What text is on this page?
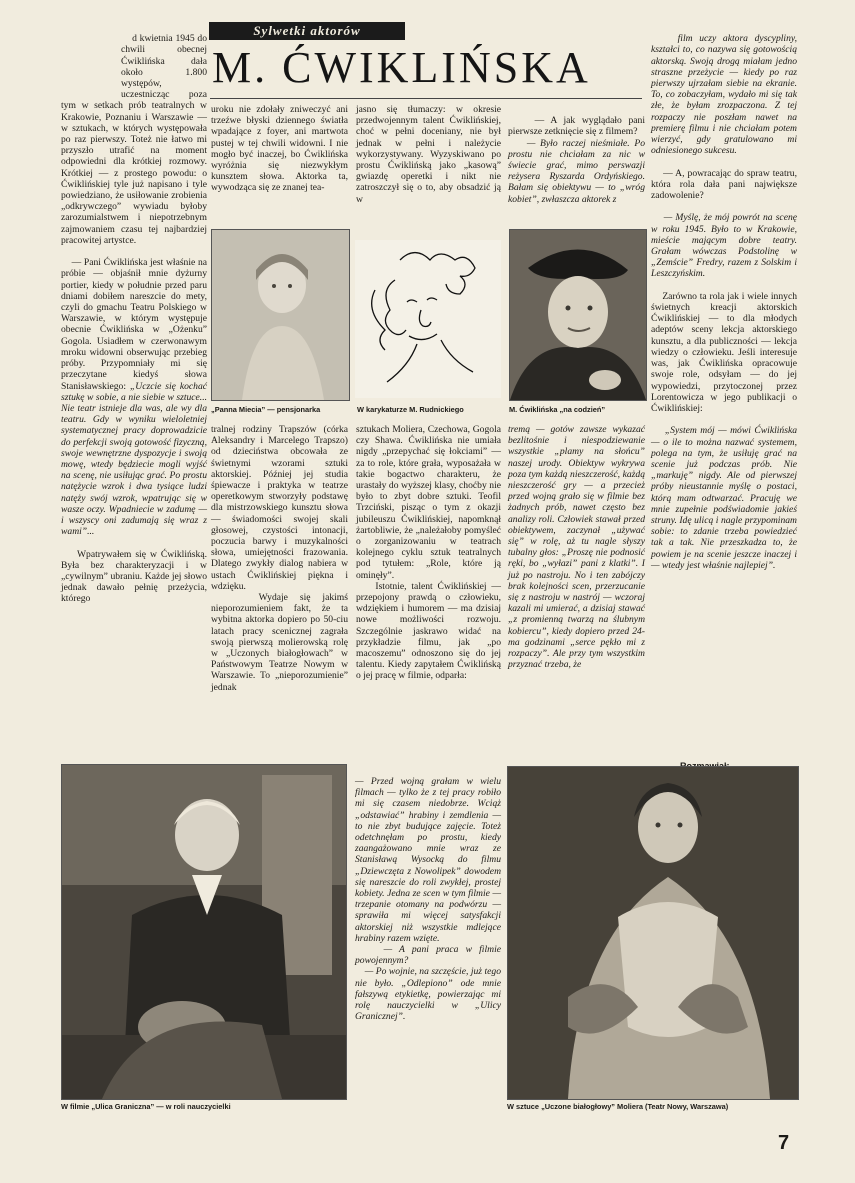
Sylwetki aktorów
M. ĆWIKLIŃSKA

d kwietnia 1945 do chwili obecnej Ćwiklińska dała około 1.800 występów, uczestnicząc poza tym w setkach prób teatralnych w Krakowie, Poznaniu i Warszawie — w sztukach, w których występowała po raz pierwszy. Toteż nie łatwo mi przyszło utrafić na moment odpowiedni dla krótkiej rozmowy. Krótkiej — z prostego powodu: o Ćwiklińskiej tyle już napisano i tyle powiedziano, że usiłowanie zrobienia „odkrywczego” wywiadu byłoby zarozumialstwem i niepotrzebnym zajmowaniem czasu tej najbardziej pracowitej artystce.

— Pani Ćwiklińska jest właśnie na próbie — objaśnił mnie dyżurny portier, kiedy w południe przed paru dniami dobiłem nareszcie do mety, czyli do gmachu Teatru Polskiego w Warszawie, w którym występuje obecnie Ćwiklińska w „Ożenku” Gogola. Usiadłem w czerwonawym mroku widowni obserwując przebieg próby. Przypomniały mi się przeczytane kiedyś słowa Stanisławskiego: „Uczcie się kochać sztukę w sobie, a nie siebie w sztuce... Nie teatr istnieje dla was, ale wy dla teatru. Gdy w wyniku wieloletniej systematycznej pracy doprowadzicie do perfekcji swoją gotowość fizyczną, swoje wewnętrzne dyspozycje i swoją mowę, wtedy będziecie mogli wyjść na scenę, nie usiłując grać. Po prostu natężycie wzrok i dwa tysiące ludzi natęży swój wzrok, wpatrując się w wasze oczy. Wpadniecie w zadumę — i wszyscy oni zadumają się wraz z wami”...

Wpatrywałem się w Ćwiklińską. Była bez charakteryzacji i w „cywilnym” ubraniu. Każde jej słowo jednak dawało pełnię przeżycia, którego

uroku nie zdołały zniweczyć ani trzeźwe błyski dziennego światła wpadające z foyer, ani martwota pustej w tej chwili widowni. I nie mogło być inaczej, bo Ćwiklińska wyróżnia się niezwykłym kunsztem słowa. Aktorka ta, wywodząca się ze znanej tea-
jasno się tłumaczy: w okresie przedwojennym talent Ćwiklińskiej, choć w pełni doceniany, nie był jednak w pełni i należycie wykorzystywany. Wyzyskiwano po prostu Ćwiklińską jako „kasową” gwiazdę operetki i nikt nie zatroszczył się o to, aby obsadzić ją w

— A jak wyglądało pani pierwsze zetknięcie się z filmem?
— Było raczej nieśmiałe. Po prostu nie chciałam za nic w świecie grać, mimo perswazji reżysera Ryszarda Ordyńskiego. Bałam się obiektywu — to „wróg kobiet”, zwłaszcza aktorek z

film uczy aktora dyscypliny, kształci to, co nazywa się gotowością aktorską. Swoją drogą miałam jedno straszne przeżycie — kiedy po raz pierwszy ujrzałam siebie na ekranie. To, co zobaczyłam, wydało mi się tak złe, że byłam zrozpaczona. Z tej rozpaczy nie poszłam nawet na premierę filmu i nie chciałam potem wierzyć, gdy gratulowano mi odniesionego sukcesu.

— A, powracając do spraw teatru, która rola dała pani największe zadowolenie?

— Myślę, że mój powrót na scenę w roku 1945. Było to w Krakowie, mieście mającym dobre teatry. Grałam wówczas Podstolinę w „Zemście” Fredry, razem z Solskim i Leszczyńskim.

Zarówno ta rola jak i wiele innych świetnych kreacji aktorskich Ćwiklińskiej — to dla młodych adeptów sceny lekcja aktorskiego kunsztu, a dla publiczności — lekcja wiedzy o człowieku. Jeśli interesuje was, jak Ćwiklińska opracowuje swoje role, odsyłam — do jej wypowiedzi, przytoczonej przez Lorentowicza w jego publikacji o Ćwiklińskiej:

„System mój — mówi Ćwiklińska — o ile to można nazwać systemem, polega na tym, że usiłuję grać na scenie już podczas prób. Nie „markuję” nigdy. Ale od pierwszej próby nieustannie myślę o postaci, którą mam odtwarzać. Pracuję we mnie zupełnie podświadomie jakieś struny. Idę ulicą i nagle przypominam sobie: to zdanie trzeba powiedzieć tak a tak. Nie przeszkadza to, że powiem je na scenie jeszcze inaczej i — wtedy jest właśnie najlepiej”.

„Panna Miecia” — pensjonarka	W karykaturze M. Rudnickiego	M. Ćwiklińska „na codzień”
tralnej rodziny Trapszów (córka Aleksandry i Marcelego Trapszo) od dzieciństwa obcowała ze świetnymi wzorami sztuki aktorskiej. Później jej studia śpiewacze i praktyka w teatrze operetkowym stworzyły podstawę dla mistrzowskiego kunsztu słowa — świadomości swojej skali głosowej, czystości intonacji, poczucia barwy i muzykalności słowa, umiejętności frazowania. Dlatego zwykły dialog nabiera w ustach Ćwiklińskiej piękna i wdzięku.
Wydaje się jakimś nieporozumieniem fakt, że ta wybitna aktorka dopiero po 50-ciu latach pracy scenicznej zagrała swoją pierwszą molierowską rolę w „Uczonych białogłowach” w Państwowym Teatrze Nowym w Warszawie. To „nieporozumienie” jednak
sztukach Moliera, Czechowa, Gogola czy Shawa. Ćwiklińska nie umiała nigdy „przepychać się łokciami” — za to role, które grała, wyposażała w takie bogactwo charakteru, że urastały do wyższej klasy, choćby nie było to zbyt dobre sztuki. Teofil Trzciński, pisząc o tym z okazji jubileuszu Ćwiklińskiej, napomknął żartobliwie, że „należałoby pomyśleć o zorganizowaniu w teatrach kolejnego cyklu sztuk teatralnych pod tytułem: „Role, które ją ominęły”.
Istotnie, talent Ćwiklińskiej — przepojony prawdą o człowieku, wdziękiem i humorem — ma dzisiaj nowe możliwości rozwoju. Szczególnie jaskrawo widać na przykładzie filmu, jak „po macoszemu” odnoszono się do jej talentu. Kiedy zapytałem Ćwiklińską o jej pracę w filmie, odparła:
tremą — gotów zawsze wykazać bezlitośnie i niespodziewanie wszystkie „plamy na słońcu” naszej urody. Obiektyw wykrywa poza tym każdą nieszczerość, każdą nieszczerość gry — a przecież przed wojną grało się w filmie bez żadnych prób, nawet często bez analizy roli. Człowiek stawał przed obiektywem, zaczynał „używać się” w rolę, aż tu nagle słyszy tubalny głos: „Proszę nie podnosić ręki, bo „wyłazi” pani z klatki”. I już po nastroju. No i ten zabójczy brak kolejności scen, przerzucanie się z nastroju w nastrój — wczoraj kazali mi umierać, a dzisiaj stawać „z promienną twarzą na ślubnym kobiercu”, kiedy dopiero przed 24-ma godzinami „serce pękło mi z rozpaczy”. Ale przy tym wszystkim przyznać trzeba, że
W filmie „Ulica Graniczna” — w roli nauczycielki	W sztuce „Uczone białogłowy” Moliera (Teatr Nowy, Warszawa)
— Przed wojną grałam w wielu filmach — tylko że z tej pracy robiło mi się czasem niedobrze. Wciąż „odstawiać” hrabiny i zemdlenia — to nie zbyt budujące zajęcie. Toteż odetchnęłam po prostu, kiedy zaangażowano mnie wraz ze Stanisławą Wysocką do filmu „Dziewczęta z Nowolipek” dowodem się nareszcie do roli zwykłej, prostej kobiety. Jedna ze scen w tym filmie — trzepanie otomany na podwórzu — sprawiła mi więcej satysfakcji aktorskiej niż wszystkie mdlejące hrabiny razem wzięte.
— A pani praca w filmie powojennym?
— Po wojnie, na szczęście, już tego nie było. „Odlepiono” ode mnie fałszywą etykietkę, powierzając mi rolę nauczycielki w „Ulicy Granicznej”.
7
